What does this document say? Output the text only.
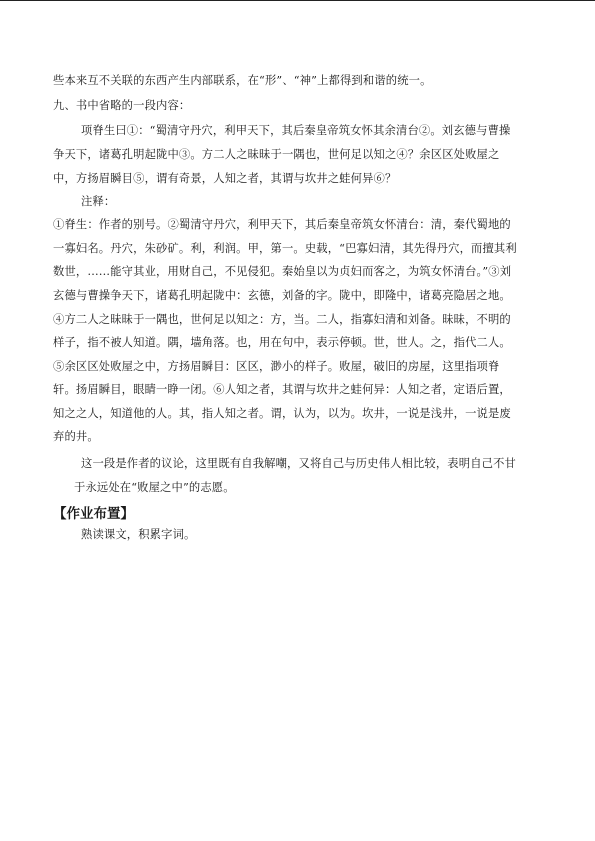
些本来互不关联的东西产生内部联系，在“形”、“神”上都得到和谐的统一。
九、书中省略的一段内容：
项脊生曰①：“蜀清守丹穴，利甲天下，其后秦皇帝筑女怀其余清台②。刘玄德与曹操
争天下，诸葛孔明起陇中③。方二人之昧昧于一隅也，世何足以知之④？余区区处败屋之
中，方扬眉瞬目⑤，谓有奇景，人知之者，其谓与坎井之蛙何异⑥？
注释：
①脊生：作者的别号。②蜀清守丹穴，利甲天下，其后秦皇帝筑女怀清台：清，秦代蜀地的
一寡妇名。丹穴，朱砂矿。利，利润。甲，第一。史载，“巴寡妇清，其先得丹穴，而擅其利
数世，……能守其业，用财自己，不见侵犯。秦始皇以为贞妇而客之，为筑女怀清台。”③刘
玄德与曹操争天下，诸葛孔明起陇中：玄德，刘备的字。陇中，即隆中，诸葛亮隐居之地。
④方二人之昧昧于一隅也，世何足以知之：方，当。二人，指寡妇清和刘备。昧昧，不明的
样子，指不被人知道。隅，墙角落。也，用在句中，表示停顿。世，世人。之，指代二人。
⑤余区区处败屋之中，方扬眉瞬目：区区，渺小的样子。败屋，破旧的房屋，这里指项脊
轩。扬眉瞬目，眼睛一睁一闭。⑥人知之者，其谓与坎井之蛙何异：人知之者，定语后置，
知之之人，知道他的人。其，指人知之者。谓，认为，以为。坎井，一说是浅井，一说是废
弃的井。
这一段是作者的议论，这里既有自我解嘲，又将自己与历史伟人相比较，表明自己不甘
于永远处在“败屋之中”的志愿。
【作业布置】
熟读课文，积累字词。
